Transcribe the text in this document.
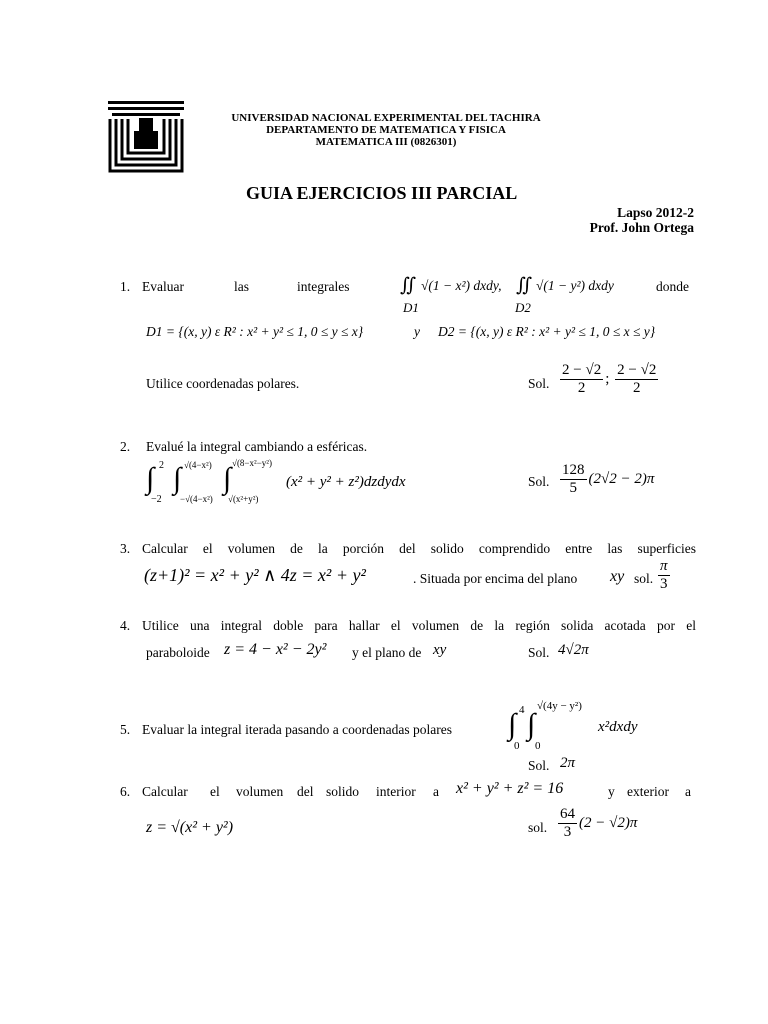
UNIVERSIDAD NACIONAL EXPERIMENTAL DEL TACHIRA
DEPARTAMENTO DE MATEMATICA Y FISICA
MATEMATICA III (0826301)
GUIA EJERCICIOS III PARCIAL
Lapso 2012-2
Prof. John Ortega
1. Evaluar	las	integrales	∬ √(1 − x²) dxdy,
D1
∬ √(1 − y²) dxdy
D2
donde
D1 = {(x, y) ε R² : x² + y² ≤ 1, 0 ≤ y ≤ x}	y D2 = {(x, y) ε R² : x² + y² ≤ 1, 0 ≤ x ≤ y}
Utilice coordenadas polares.	Sol. $\frac{2 - √2}{2}$ ; $\frac{2 - √2}{2}$
2. Evalué la integral cambiando a esféricas.
∫ 2
−2
∫ √(4−x²)
−√(4−x²)
∫ √(8−x²−y²)
√(x²+y²)
(x² + y² + z²)dzdydx	Sol. $\frac{128}{5} (2√2 - 2)\pi$
3. Calcular el volumen de la porción del solido comprendido entre las superficies
(z+1)² = x² + y² ∧ 4z = x² + y²	. Situada por encima del plano xy sol. $\frac{\pi}{3}$
4. Utilice una integral doble para hallar el volumen de la región solida acotada por el
paraboloide z = 4 − x² − 2y² y el plano de xy	Sol. 4√2π
5. Evaluar la integral iterada pasando a coordenadas polares ∫ 4
0
∫
√(4y − y²)
0
x²dxdy
Sol. 2π
6. Calcular el volumen del solido interior a x² + y² + z² = 16	y exterior a
z = √(x² + y²)	sol. $\frac{64}{3} (2 - √2)\pi$
